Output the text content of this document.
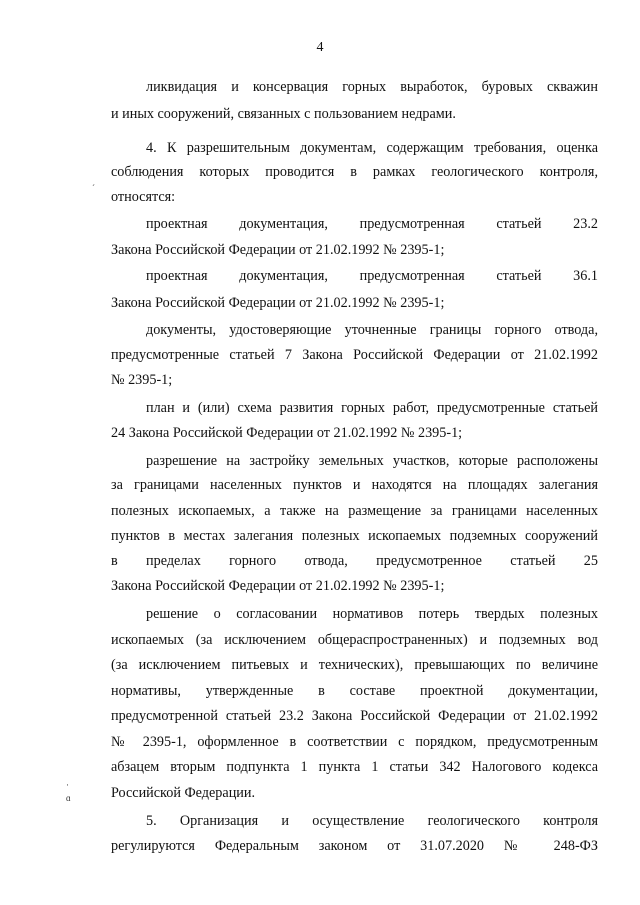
4
ликвидация и консервация горных выработок, буровых скважин
и иных сооружений, связанных с пользованием недрами.
4. К разрешительным документам, содержащим требования, оценка
соблюдения которых проводится в рамках геологического контроля,
относятся:
проектная документация, предусмотренная статьей 23.2
Закона Российской Федерации от 21.02.1992 № 2395-1;
проектная документация, предусмотренная статьей 36.1
Закона Российской Федерации от 21.02.1992 № 2395-1;
документы, удостоверяющие уточненные границы горного отвода,
предусмотренные статьей 7 Закона Российской Федерации от 21.02.1992
№ 2395-1;
план и (или) схема развития горных работ, предусмотренные статьей
24 Закона Российской Федерации от 21.02.1992 № 2395-1;
разрешение на застройку земельных участков, которые расположены
за границами населенных пунктов и находятся на площадях залегания
полезных ископаемых, а также на размещение за границами населенных
пунктов в местах залегания полезных ископаемых подземных сооружений
в пределах горного отвода, предусмотренное статьей 25
Закона Российской Федерации от 21.02.1992 № 2395-1;
решение о согласовании нормативов потерь твердых полезных
ископаемых (за исключением общераспространенных) и подземных вод
(за исключением питьевых и технических), превышающих по величине
нормативы, утвержденные в составе проектной документации,
предусмотренной статьей 23.2 Закона Российской Федерации от 21.02.1992
№ 2395-1, оформленное в соответствии с порядком, предусмотренным
абзацем вторым подпункта 1 пункта 1 статьи 342 Налогового кодекса
Российской Федерации.
5. Организация и осуществление геологического контроля
регулируются Федеральным законом от 31.07.2020 № 248-ФЗ
ˊ
·
ɑ
